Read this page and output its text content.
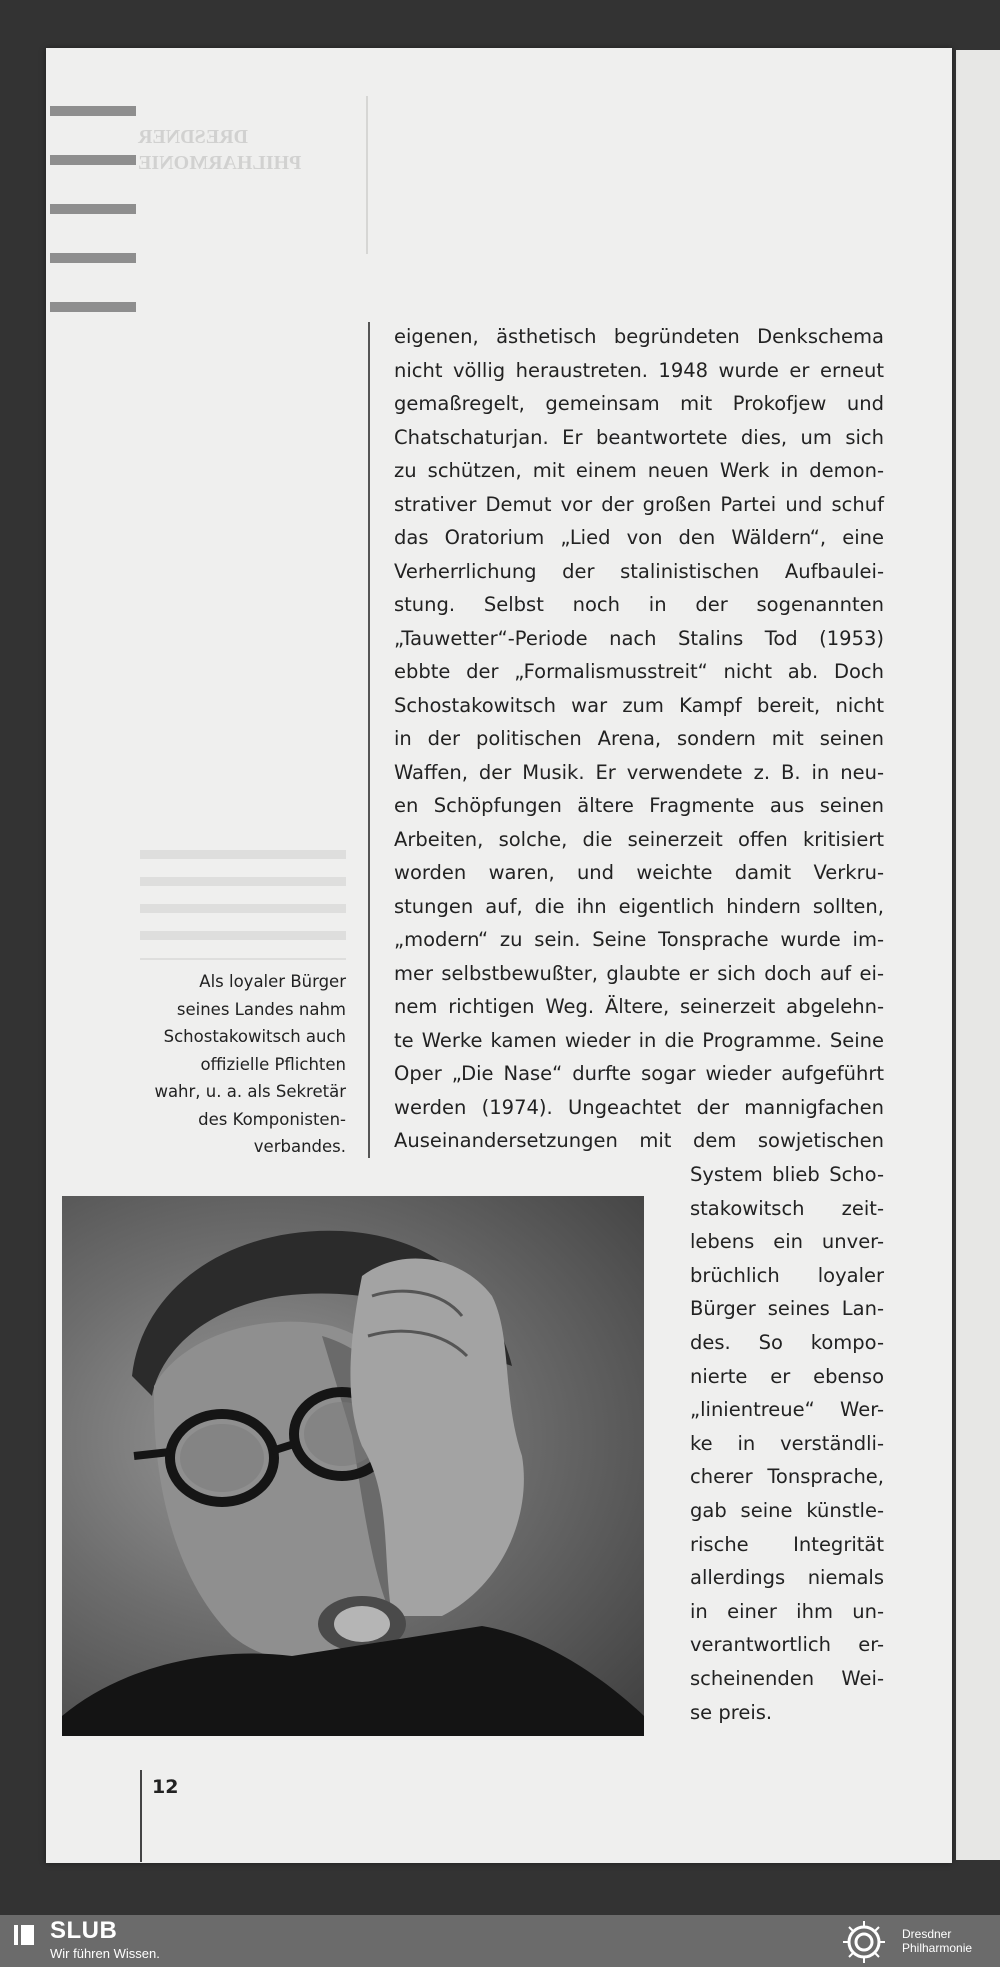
DRESDNER
PHILHARMONIE
eigenen, ästhetisch begründeten Denkschema
nicht völlig heraustreten. 1948 wurde er erneut
gemaßregelt, gemeinsam mit Prokofjew und
Chatschaturjan. Er beantwortete dies, um sich
zu schützen, mit einem neuen Werk in demon-
strativer Demut vor der großen Partei und schuf
das Oratorium „Lied von den Wäldern“, eine
Verherrlichung der stalinistischen Aufbaulei-
stung. Selbst noch in der sogenannten
„Tauwetter“-Periode nach Stalins Tod (1953)
ebbte der „Formalismusstreit“ nicht ab. Doch
Schostakowitsch war zum Kampf bereit, nicht
in der politischen Arena, sondern mit seinen
Waffen, der Musik. Er verwendete z. B. in neu-
en Schöpfungen ältere Fragmente aus seinen
Arbeiten, solche, die seinerzeit offen kritisiert
worden waren, und weichte damit Verkru-
stungen auf, die ihn eigentlich hindern sollten,
„modern“ zu sein. Seine Tonsprache wurde im-
mer selbstbewußter, glaubte er sich doch auf ei-
nem richtigen Weg. Ältere, seinerzeit abgelehn-
te Werke kamen wieder in die Programme. Seine
Oper „Die Nase“ durfte sogar wieder aufgeführt
werden (1974). Ungeachtet der mannigfachen
Auseinandersetzungen mit dem sowjetischen
Als loyaler Bürger
seines Landes nahm
Schostakowitsch auch
offizielle Pflichten
wahr, u. a. als Sekretär
des Komponisten-
verbandes.
System blieb Scho-
stakowitsch zeit-
lebens ein unver-
brüchlich loyaler
Bürger seines Lan-
des. So kompo-
nierte er ebenso
„linientreue“ Wer-
ke in verständli-
cherer Tonsprache,
gab seine künstle-
rische Integrität
allerdings niemals
in einer ihm un-
verantwortlich er-
scheinenden Wei-
se preis.
12
SLUB
Wir führen Wissen.
Dresdner
Philharmonie
